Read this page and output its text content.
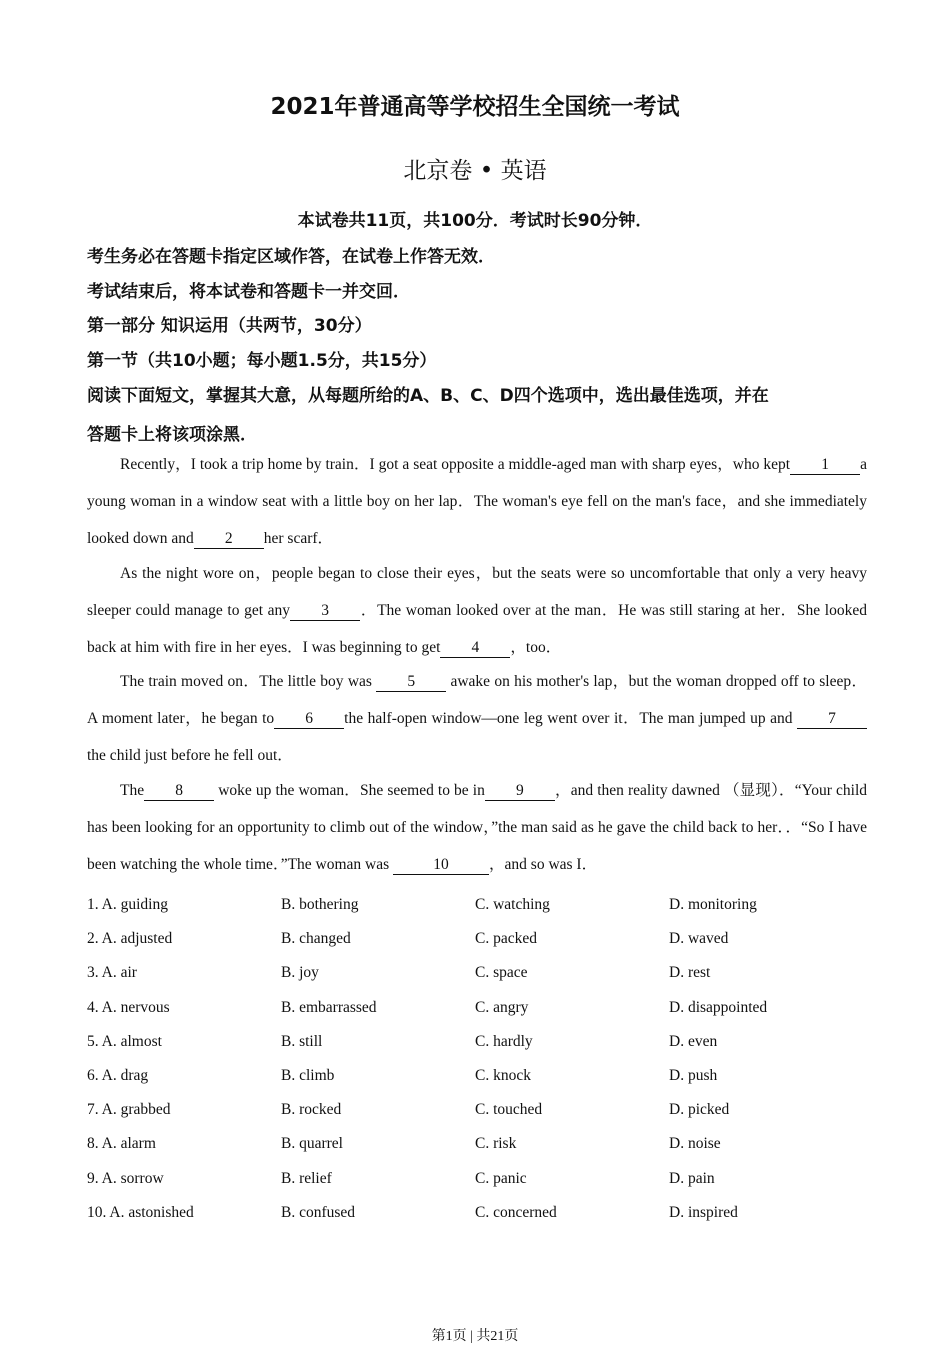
2021年普通高等学校招生全国统一考试
北京卷 • 英语
本试卷共11页，共100分．考试时长90分钟．
考生务必在答题卡指定区域作答，在试卷上作答无效．
考试结束后，将本试卷和答题卡一并交回．
第一部分 知识运用（共两节，30分）
第一节（共10小题；每小题1.5分，共15分）
阅读下面短文，掌握其大意，从每题所给的A、B、C、D四个选项中，选出最佳选项，并在
答题卡上将该项涂黑．

Recently，I took a trip home by train．I got a seat opposite a middle-aged man with sharp eyes，who kept 1 a young woman in a window seat with a little boy on her lap．The woman's eye fell on the man's face，and she immediately looked down and 2 her scarf．

As the night wore on，people began to close their eyes，but the seats were so uncomfortable that only a very heavy sleeper could manage to get any 3 ．The woman looked over at the man．He was still staring at her．She looked back at him with fire in her eyes．I was beginning to get 4 ，too．

The train moved on．The little boy was 5 awake on his mother's lap，but the woman dropped off to sleep．A moment later，he began to 6 the half-open window—one leg went over it．The man jumped up and 7the child just before he fell out．

The 8 woke up the woman．She seemed to be in 9 ，and then reality dawned （显现）．“Your child has been looking for an opportunity to climb out of the window，”the man said as he gave the child back to her．．“So I have been watching the whole time．”The woman was	10	，and so was I．

1. A. guiding	B. bothering	C. watching	D. monitoring
2. A. adjusted	B. changed	C. packed	D. waved
3. A. air	B. joy	C. space	D. rest
4. A. nervous	B. embarrassed	C. angry	D. disappointed
5. A. almost	B. still	C. hardly	D. even
6. A. drag	B. climb	C. knock	D. push
7. A. grabbed	B. rocked	C. touched	D. picked
8. A. alarm	B. quarrel	C. risk	D. noise
9. A. sorrow	B. relief	C. panic	D. pain
10. A. astonished	B. confused	C. concerned	D. inspired
第1页 | 共21页
